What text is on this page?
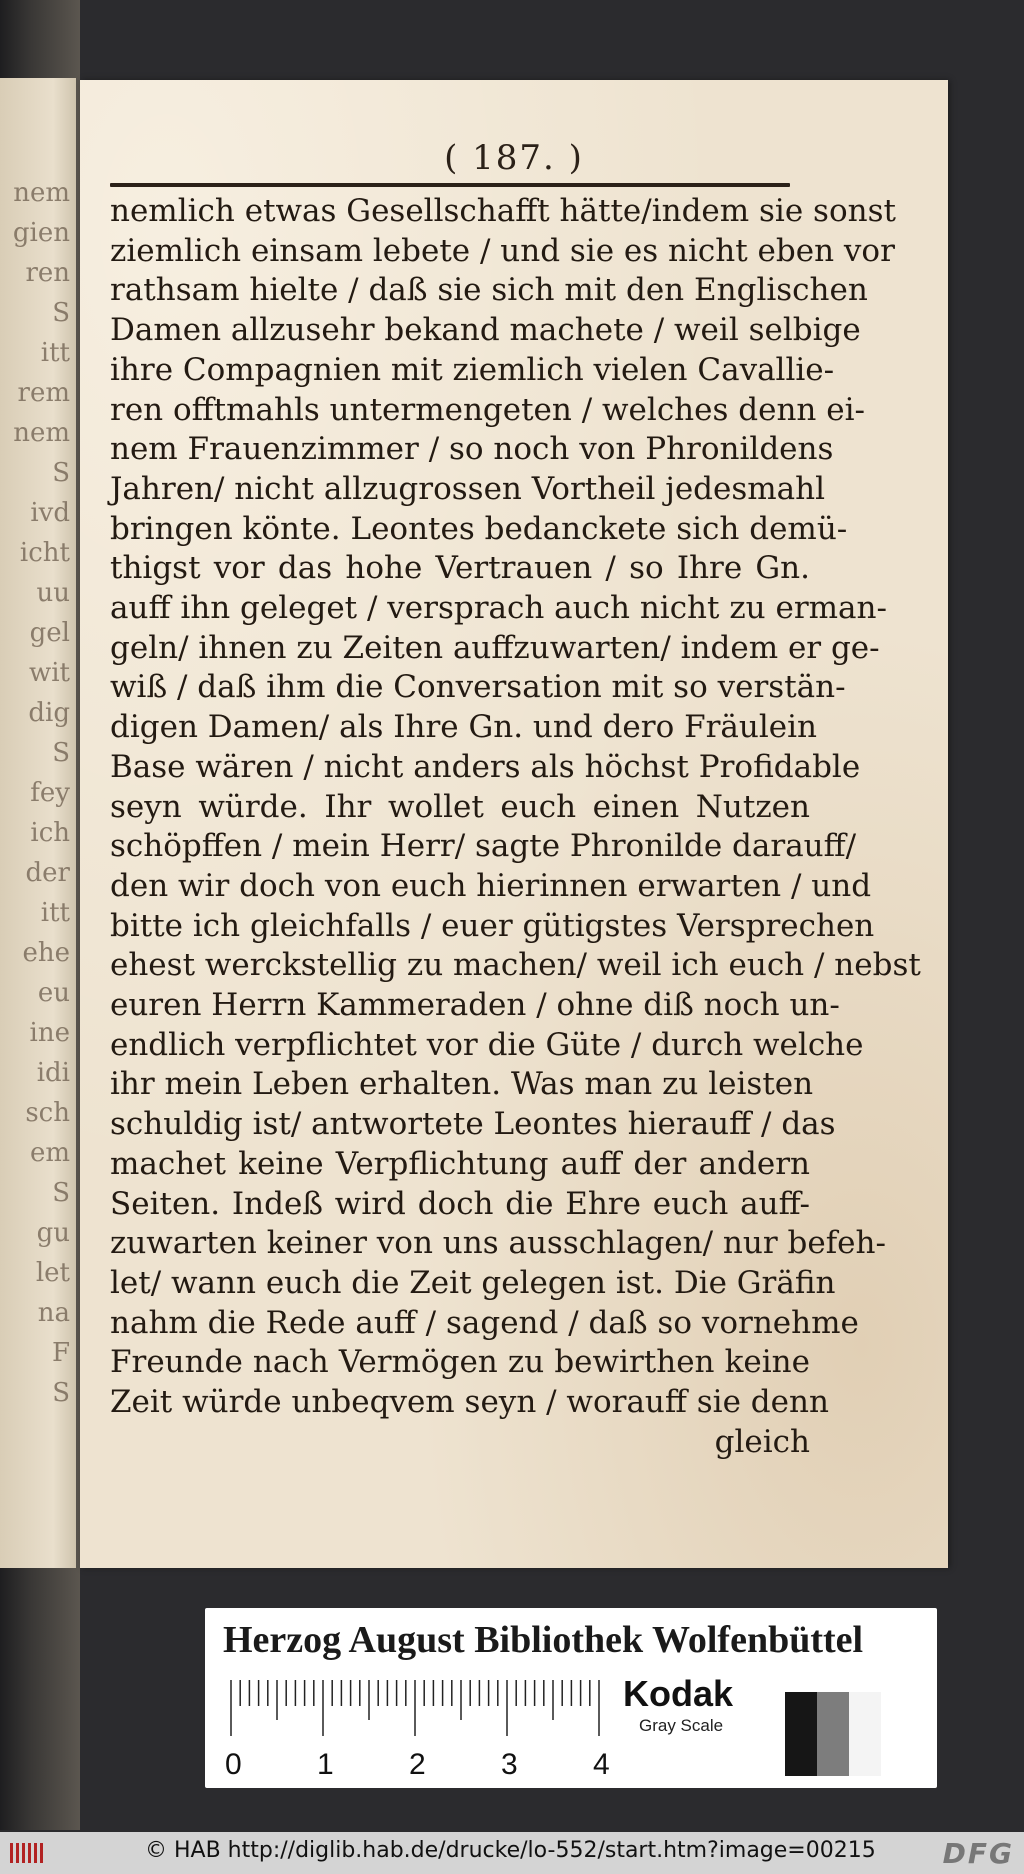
nem
gien
ren
S
itt
rem
nem
S
ivd
icht
uu
gel
wit
dig
S
fey
ich
der
itt
ehe
eu
ine
idi
sch
em
S
gu
let
na
F
S
( 187. )
nemlich etwas Gesellschafft hätte/indem sie sonst
ziemlich einsam lebete / und sie es nicht eben vor
rathsam hielte / daß sie sich mit den Englischen
Damen allzusehr bekand machete / weil selbige
ihre Compagnien mit ziemlich vielen Cavallie-
ren offtmahls untermengeten / welches denn ei-
nem Frauenzimmer / so noch von Phronildens
Jahren/ nicht allzugrossen Vortheil jedesmahl
bringen könte. Leontes bedanckete sich demü-
thigst vor das hohe Vertrauen / so Ihre Gn.
auff ihn geleget / versprach auch nicht zu erman-
geln/ ihnen zu Zeiten auffzuwarten/ indem er ge-
wiß / daß ihm die Conversation mit so verstän-
digen Damen/ als Ihre Gn. und dero Fräulein
Base wären / nicht anders als höchst Profidable
seyn würde. Ihr wollet euch einen Nutzen
schöpffen / mein Herr/ sagte Phronilde darauff/
den wir doch von euch hierinnen erwarten / und
bitte ich gleichfalls / euer gütigstes Versprechen
ehest werckstellig zu machen/ weil ich euch / nebst
euren Herrn Kammeraden / ohne diß noch un-
endlich verpflichtet vor die Güte / durch welche
ihr mein Leben erhalten. Was man zu leisten
schuldig ist/ antwortete Leontes hierauff / das
machet keine Verpflichtung auff der andern
Seiten. Indeß wird doch die Ehre euch auff-
zuwarten keiner von uns ausschlagen/ nur befeh-
let/ wann euch die Zeit gelegen ist. Die Gräfin
nahm die Rede auff / sagend / daß so vornehme
Freunde nach Vermögen zu bewirthen keine
Zeit würde unbeqvem seyn / worauff sie denn
gleich
Herzog August Bibliothek Wolfenbüttel
0	1	2	3	4
Kodak
Gray Scale
© HAB http://diglib.hab.de/drucke/lo-552/start.htm?image=00215 DFG
